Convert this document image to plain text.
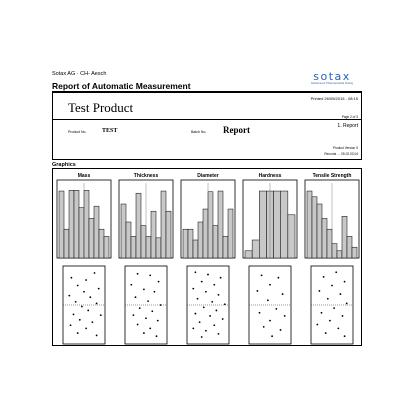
Sotax AG · CH- Aesch
Report of Automatic Measurement
sotax
Solutions for Pharmaceutical Testing
Printed 26/05/2015 - 08:15
Test Product
Page 2 of 3
1. Report
Product No.	TEST	Batch No. Report
Product Version 5
Records → 05.02.03.04
Graphics
Mass	Thickness	Diameter	Hardness	Tensile Strength
